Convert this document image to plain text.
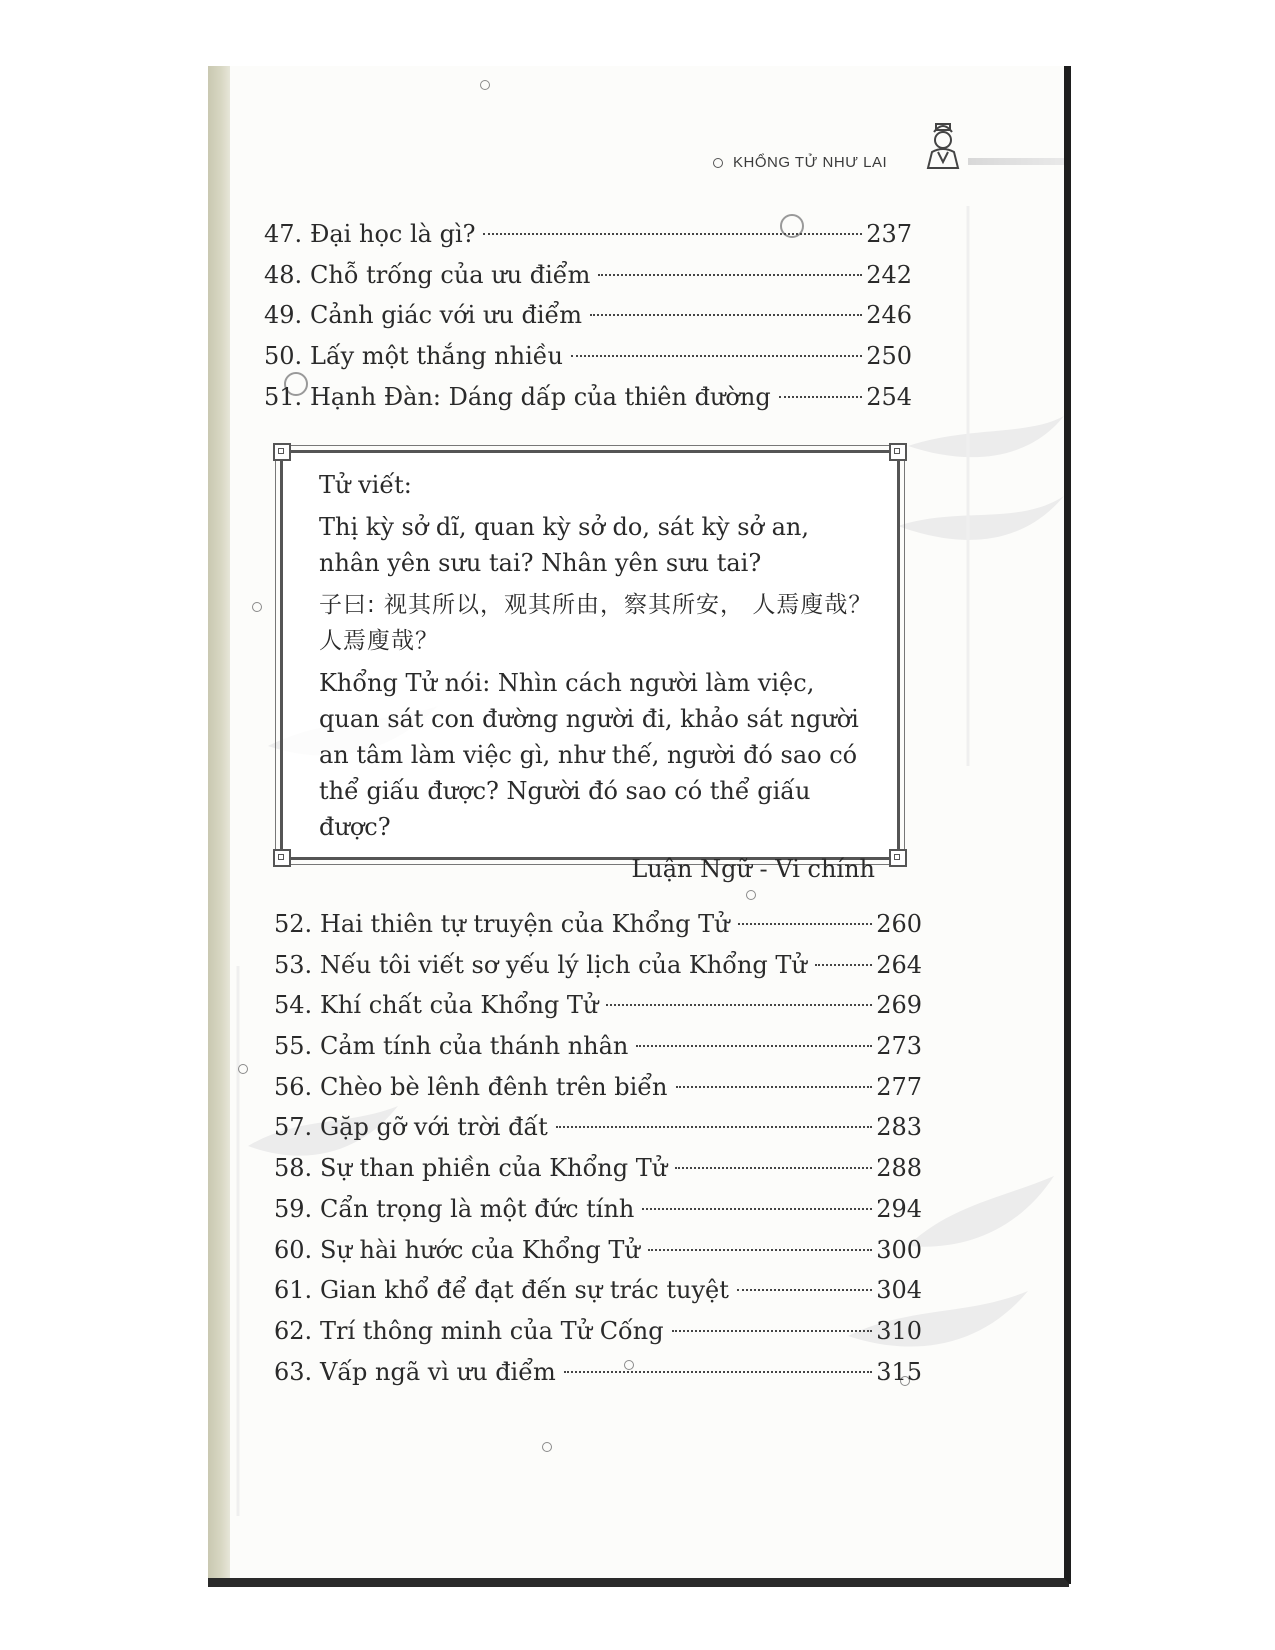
KHỔNG TỬ NHƯ LAI
47. Đại học là gì?	237
48. Chỗ trống của ưu điểm	242
49. Cảnh giác với ưu điểm	246
50. Lấy một thắng nhiều	250
51. Hạnh Đàn: Dáng dấp của thiên đường	254
Tử viết:
Thị kỳ sở dĩ, quan kỳ sở do, sát kỳ sở an, nhân yên sưu tai? Nhân yên sưu tai?
子曰: 视其所以，观其所由，察其所安， 人焉廋哉？人焉廋哉？
Khổng Tử nói: Nhìn cách người làm việc, quan sát con đường người đi, khảo sát người an tâm làm việc gì, như thế, người đó sao có thể giấu được? Người đó sao có thể giấu được?
Luận Ngữ - Vi chính
52. Hai thiên tự truyện của Khổng Tử	260
53. Nếu tôi viết sơ yếu lý lịch của Khổng Tử	264
54. Khí chất của Khổng Tử	269
55. Cảm tính của thánh nhân	273
56. Chèo bè lênh đênh trên biển	277
57. Gặp gỡ với trời đất	283
58. Sự than phiền của Khổng Tử	288
59. Cẩn trọng là một đức tính	294
60. Sự hài hước của Khổng Tử	300
61. Gian khổ để đạt đến sự trác tuyệt	304
62. Trí thông minh của Tử Cống	310
63. Vấp ngã vì ưu điểm	315
